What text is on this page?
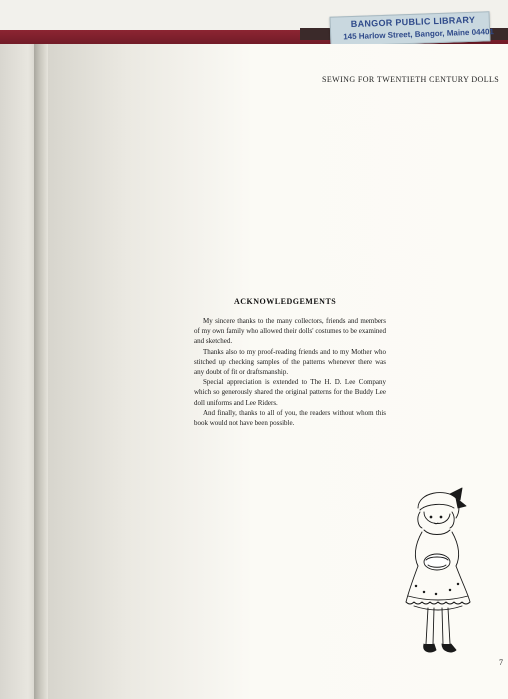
BANGOR PUBLIC LIBRARY
145 Harlow Street, Bangor, Maine 04401
SEWING FOR TWENTIETH CENTURY DOLLS
ACKNOWLEDGEMENTS

My sincere thanks to the many collectors, friends and members of my own family who allowed their dolls' costumes to be examined and sketched.

Thanks also to my proof-reading friends and to my Mother who stitched up checking samples of the patterns whenever there was any doubt of fit or draftsmanship.

Special appreciation is extended to The H. D. Lee Company which so generously shared the original patterns for the Buddy Lee doll uniforms and Lee Riders.

And finally, thanks to all of you, the readers without whom this book would not have been possible.

7
